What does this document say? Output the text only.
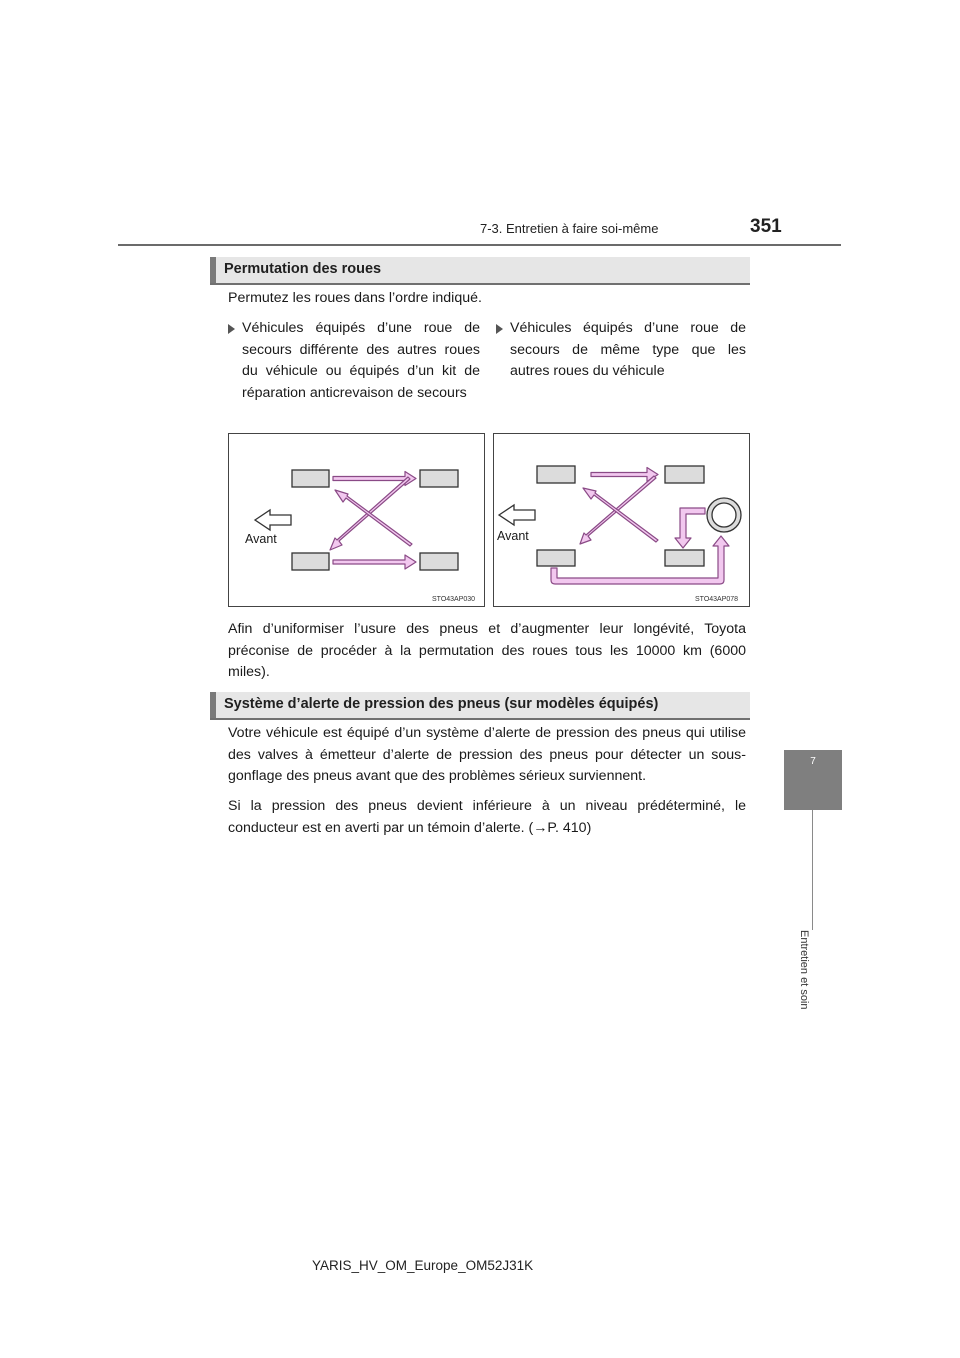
7-3. Entretien à faire soi-même	351
7
Entretien et soin
Permutation des roues
Permutez les roues dans l’ordre indiqué.
Véhicules équipés d’une roue de secours différente des autres roues du véhicule ou équipés d’un kit de réparation anticrevaison de secours
Véhicules équipés d’une roue de secours de même type que les autres roues du véhicule
Avant
STO43AP030
Avant
STO43AP078
Afin d’uniformiser l’usure des pneus et d’augmenter leur longévité, Toyota préconise de procéder à la permutation des roues tous les 10000 km (6000 miles).
Système d’alerte de pression des pneus (sur modèles équipés)
Votre véhicule est équipé d’un système d’alerte de pression des pneus qui utilise des valves à émetteur d’alerte de pression des pneus pour détecter un sous-gonflage des pneus avant que des problèmes sérieux surviennent.
Si la pression des pneus devient inférieure à un niveau prédéterminé, le conducteur est en averti par un témoin d’alerte. (→P. 410)
YARIS_HV_OM_Europe_OM52J31K
